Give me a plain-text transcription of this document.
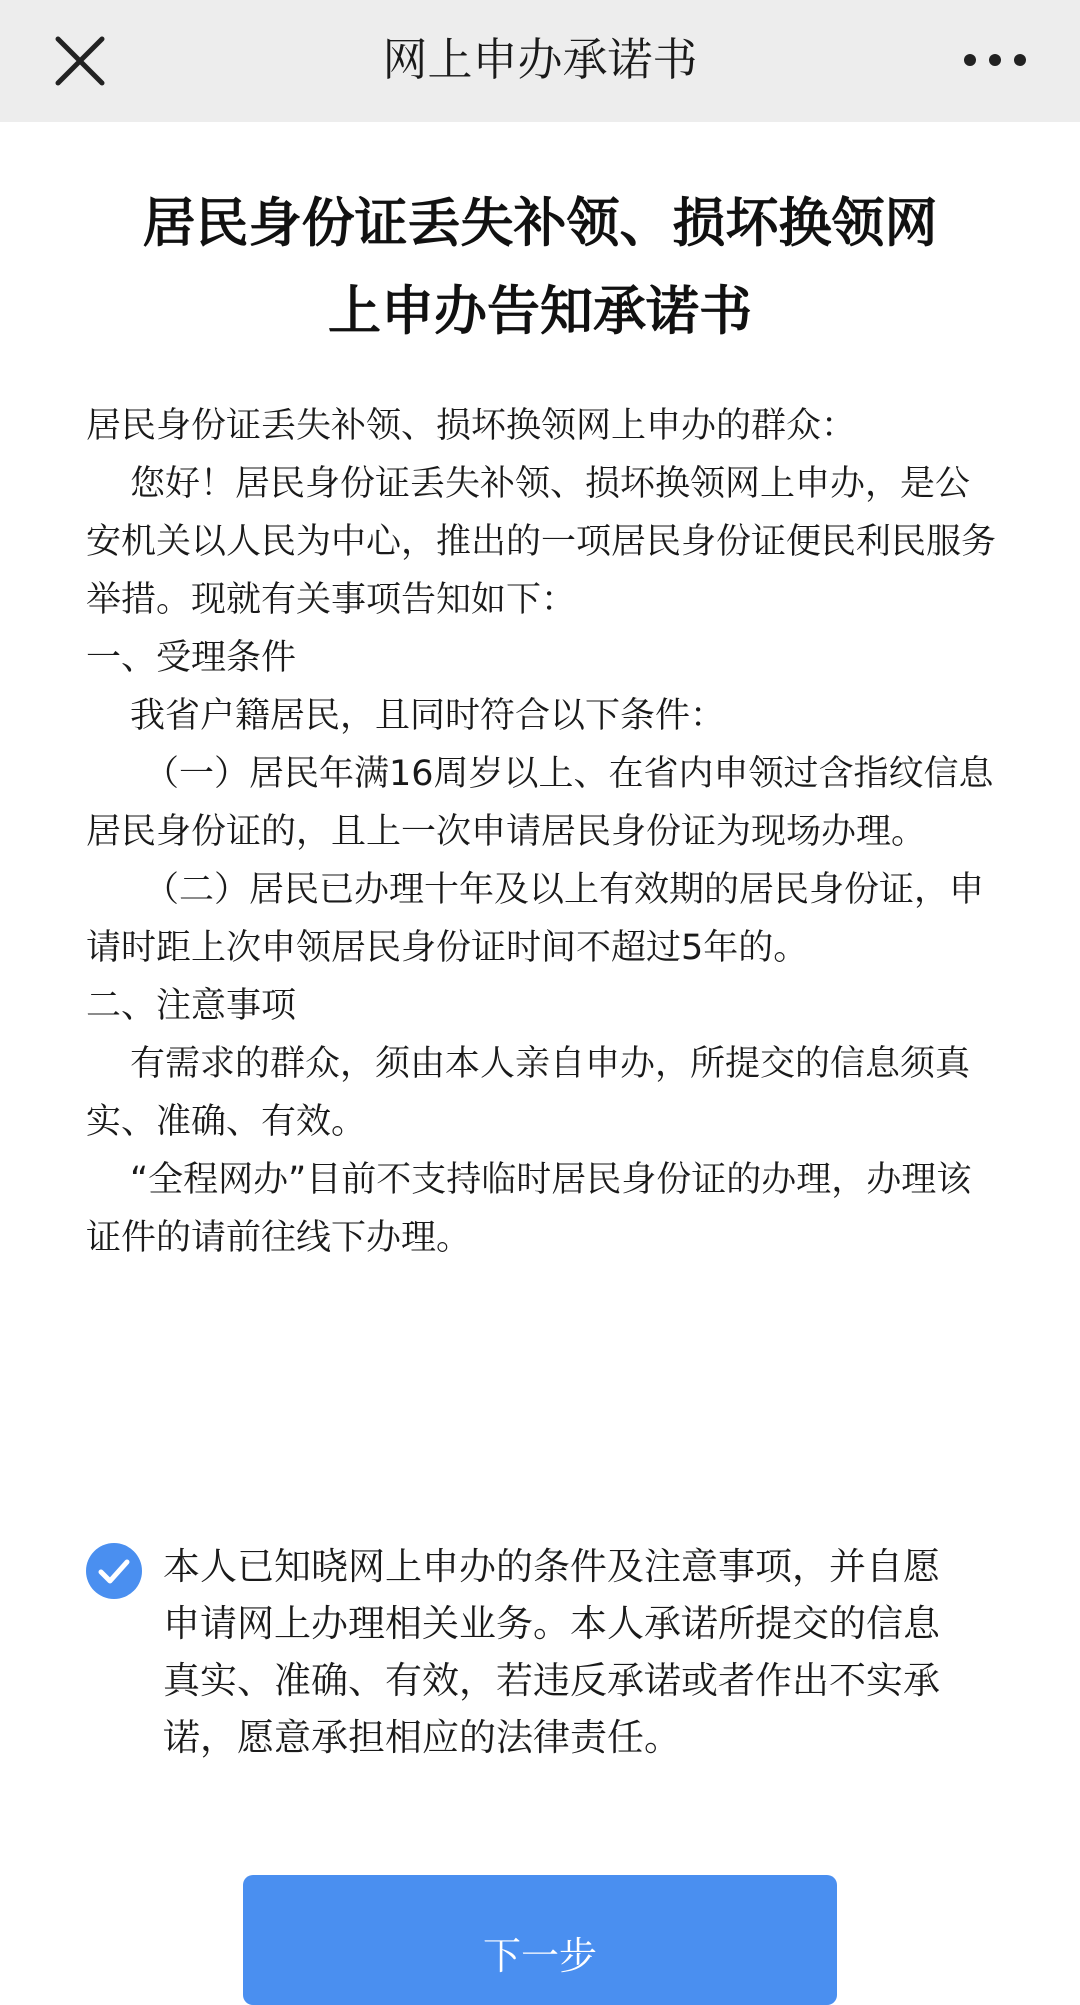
网上申办承诺书
居民身份证丢失补领、损坏换领网
上申办告知承诺书

居民身份证丢失补领、损坏换领网上申办的群众：

您好！居民身份证丢失补领、损坏换领网上申办，是公安机关以人民为中心，推出的一项居民身份证便民利民服务举措。现就有关事项告知如下：

一、受理条件

我省户籍居民，且同时符合以下条件：

（一）居民年满16周岁以上、在省内申领过含指纹信息居民身份证的，且上一次申请居民身份证为现场办理。

（二）居民已办理十年及以上有效期的居民身份证，申请时距上次申领居民身份证时间不超过5年的。

二、注意事项

有需求的群众，须由本人亲自申办，所提交的信息须真实、准确、有效。

“全程网办”目前不支持临时居民身份证的办理，办理该证件的请前往线下办理。

本人已知晓网上申办的条件及注意事项，并自愿申请网上办理相关业务。本人承诺所提交的信息真实、准确、有效，若违反承诺或者作出不实承诺，愿意承担相应的法律责任。
下一步
